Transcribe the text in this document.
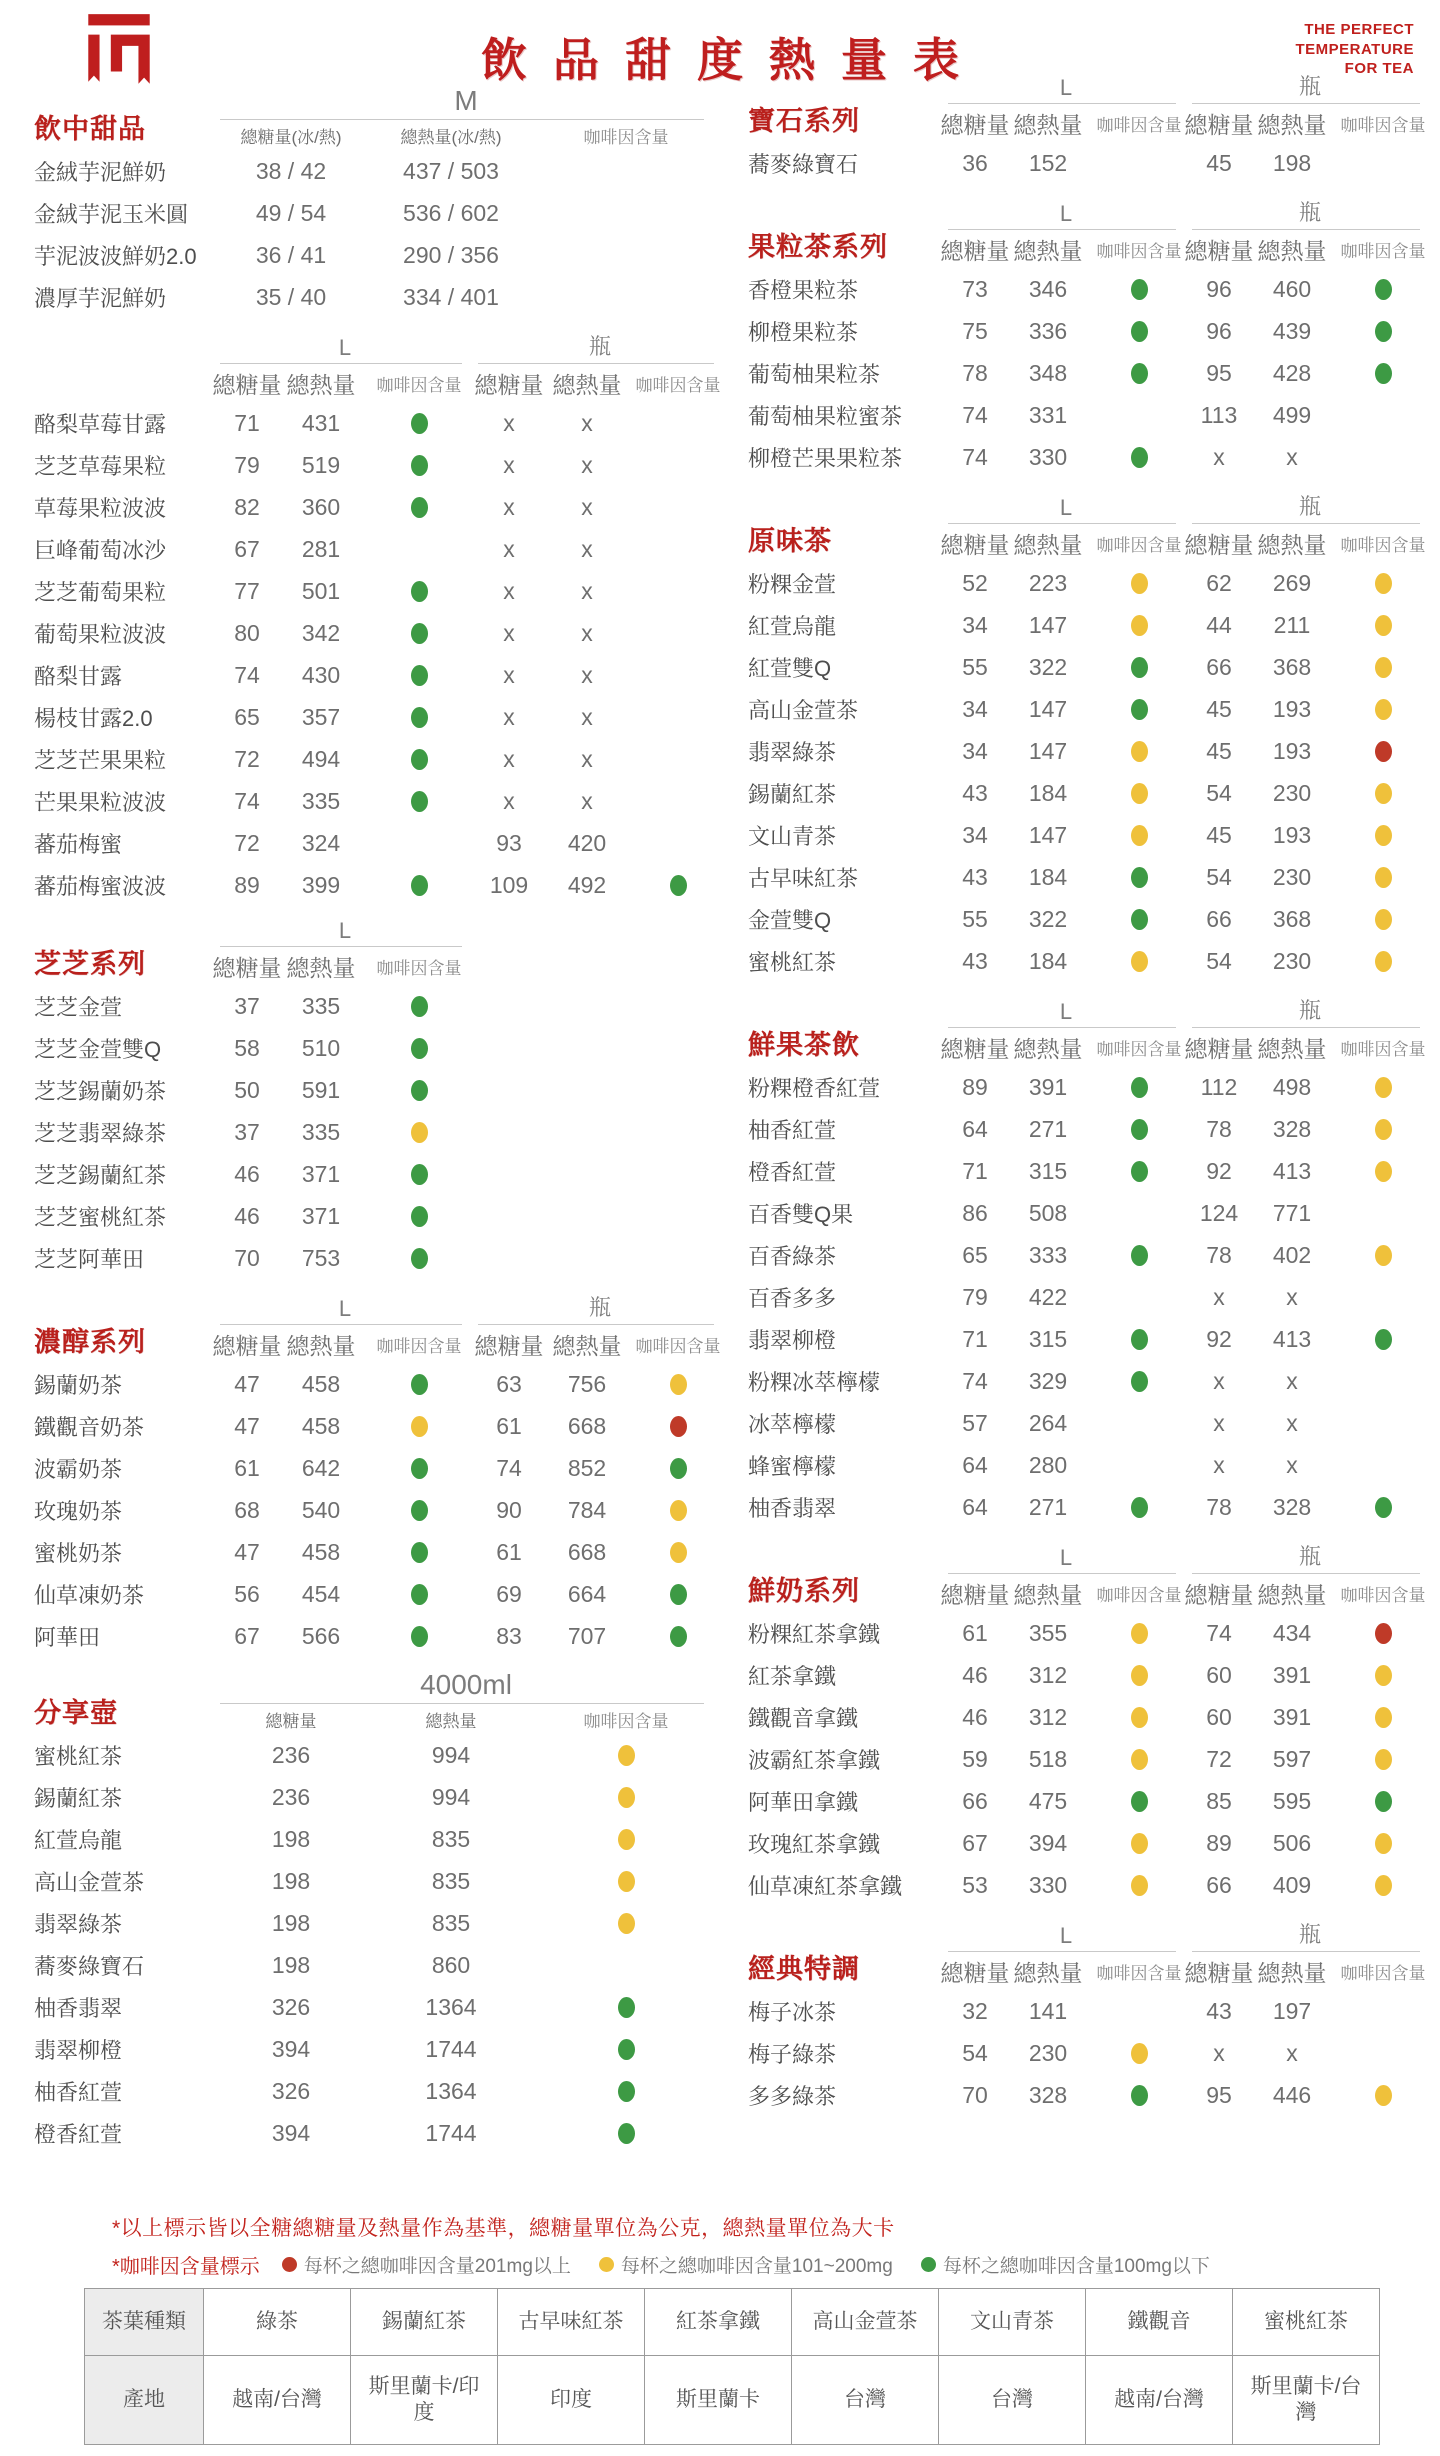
飲品甜度熱量表
THE PERFECT
TEMPERATURE
FOR TEA
飲中甜品
M
總糖量(冰/熱)	總熱量(冰/熱)	咖啡因含量
金絨芋泥鮮奶	38 / 42	437 / 503
金絨芋泥玉米圓	49 / 54	536 / 602
芋泥波波鮮奶2.0	36 / 41	290 / 356
濃厚芋泥鮮奶	35 / 40	334 / 401
L
總糖量 總熱量	咖啡因含量
瓶
總糖量 總熱量 咖啡因含量
酪梨草莓甘露	71	431	x	x
芝芝草莓果粒	79	519	x	x
草莓果粒波波	82	360	x	x
巨峰葡萄冰沙	67	281	x	x
芝芝葡萄果粒	77	501	x	x
葡萄果粒波波	80	342	x	x
酪梨甘露	74	430	x	x
楊枝甘露2.0	65	357	x	x
芝芝芒果果粒	72	494	x	x
芒果果粒波波	74	335	x	x
蕃茄梅蜜	72	324	93	420
蕃茄梅蜜波波	89	399	109	492
芝芝系列
L
總糖量 總熱量	咖啡因含量
芝芝金萱	37	335
芝芝金萱雙Q	58	510
芝芝錫蘭奶茶	50	591
芝芝翡翠綠茶	37	335
芝芝錫蘭紅茶	46	371
芝芝蜜桃紅茶	46	371
芝芝阿華田	70	753
濃醇系列
L
總糖量 總熱量	咖啡因含量
瓶
總糖量 總熱量 咖啡因含量
錫蘭奶茶	47	458	63	756
鐵觀音奶茶	47	458	61	668
波霸奶茶	61	642	74	852
玫瑰奶茶	68	540	90	784
蜜桃奶茶	47	458	61	668
仙草凍奶茶	56	454	69	664
阿華田	67	566	83	707
分享壺
4000ml
總糖量	總熱量	咖啡因含量
蜜桃紅茶	236	994
錫蘭紅茶	236	994
紅萱烏龍	198	835
高山金萱茶	198	835
翡翠綠茶	198	835
蕎麥綠寶石	198	860
柚香翡翠	326	1364
翡翠柳橙	394	1744
柚香紅萱	326	1364
橙香紅萱	394	1744
寶石系列
L
總糖量 總熱量 咖啡因含量
瓶
總糖量 總熱量 咖啡因含量
蕎麥綠寶石	36	152	45	198
果粒茶系列
L
總糖量 總熱量 咖啡因含量
瓶
總糖量 總熱量 咖啡因含量
香橙果粒茶	73	346	96	460
柳橙果粒茶	75	336	96	439
葡萄柚果粒茶	78	348	95	428
葡萄柚果粒蜜茶	74	331	113	499
柳橙芒果果粒茶	74	330	x	x
原味茶
L
總糖量 總熱量 咖啡因含量
瓶
總糖量 總熱量 咖啡因含量
粉粿金萱	52	223	62	269
紅萱烏龍	34	147	44	211
紅萱雙Q	55	322	66	368
高山金萱茶	34	147	45	193
翡翠綠茶	34	147	45	193
錫蘭紅茶	43	184	54	230
文山青茶	34	147	45	193
古早味紅茶	43	184	54	230
金萱雙Q	55	322	66	368
蜜桃紅茶	43	184	54	230
鮮果茶飲
L
總糖量 總熱量 咖啡因含量
瓶
總糖量 總熱量 咖啡因含量
粉粿橙香紅萱	89	391	112	498
柚香紅萱	64	271	78	328
橙香紅萱	71	315	92	413
百香雙Q果	86	508	124	771
百香綠茶	65	333	78	402
百香多多	79	422	x	x
翡翠柳橙	71	315	92	413
粉粿冰萃檸檬	74	329	x	x
冰萃檸檬	57	264	x	x
蜂蜜檸檬	64	280	x	x
柚香翡翠	64	271	78	328
鮮奶系列
L
總糖量 總熱量 咖啡因含量
瓶
總糖量 總熱量 咖啡因含量
粉粿紅茶拿鐵	61	355	74	434
紅茶拿鐵	46	312	60	391
鐵觀音拿鐵	46	312	60	391
波霸紅茶拿鐵	59	518	72	597
阿華田拿鐵	66	475	85	595
玫瑰紅茶拿鐵	67	394	89	506
仙草凍紅茶拿鐵	53	330	66	409
經典特調
L
總糖量 總熱量 咖啡因含量
瓶
總糖量 總熱量 咖啡因含量
梅子冰茶	32	141	43	197
梅子綠茶	54	230	x	x
多多綠茶	70	328	95	446
*以上標示皆以全糖總糖量及熱量作為基準，總糖量單位為公克，總熱量單位為大卡
*咖啡因含量標示 每杯之總咖啡因含量201mg以上	每杯之總咖啡因含量101~200mg	每杯之總咖啡因含量100mg以下
茶葉種類	綠茶	錫蘭紅茶	古早味紅茶	紅茶拿鐵	高山金萱茶	文山青茶	鐵觀音	蜜桃紅茶
產地	越南/台灣	斯里蘭卡/印度	印度	斯里蘭卡	台灣	台灣	越南/台灣	斯里蘭卡/台灣
